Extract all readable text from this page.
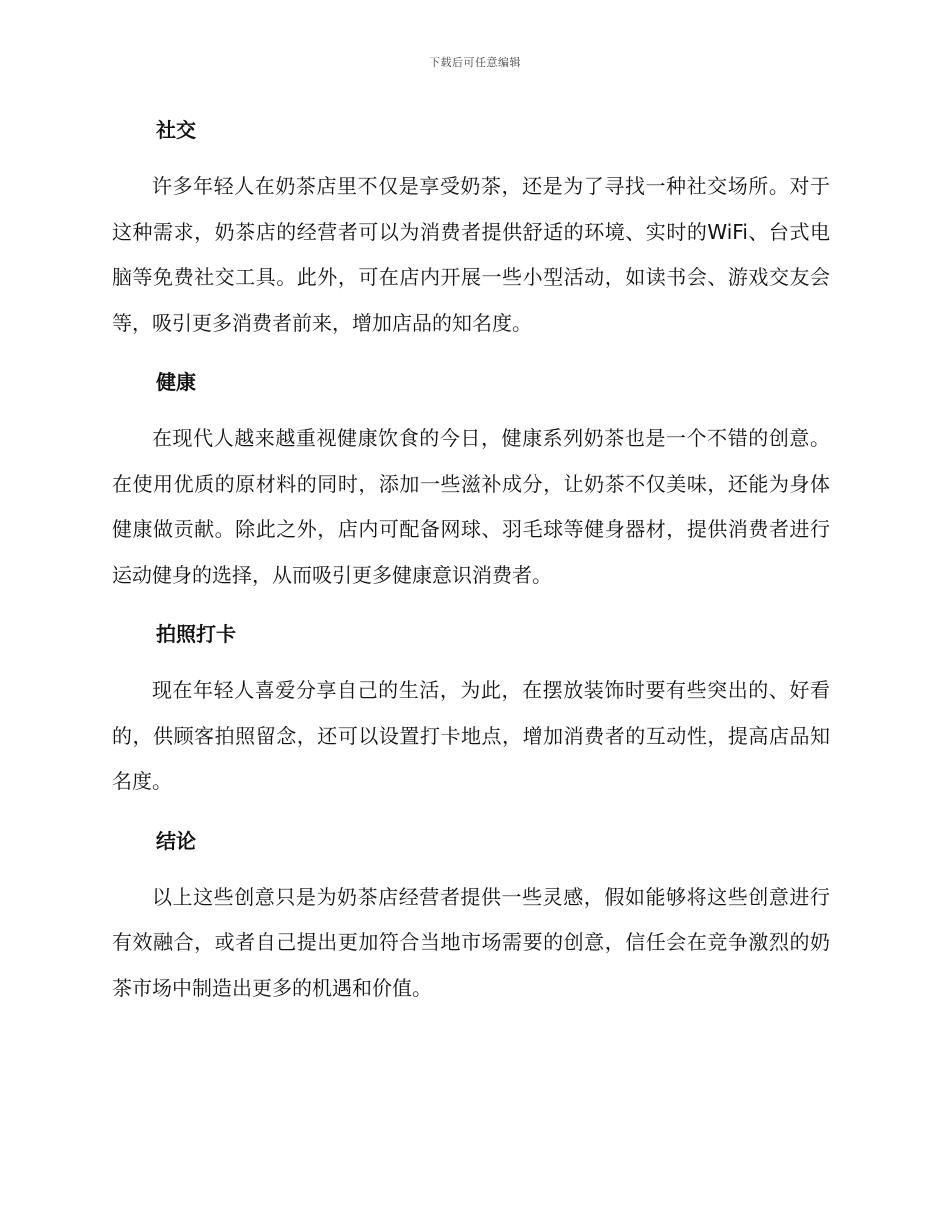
下载后可任意编辑
社交

许多年轻人在奶茶店里不仅是享受奶茶，还是为了寻找一种社交场所。对于这种需求，奶茶店的经营者可以为消费者提供舒适的环境、实时的WiFi、台式电脑等免费社交工具。此外，可在店内开展一些小型活动，如读书会、游戏交友会等，吸引更多消费者前来，增加店品的知名度。

健康

在现代人越来越重视健康饮食的今日，健康系列奶茶也是一个不错的创意。在使用优质的原材料的同时，添加一些滋补成分，让奶茶不仅美味，还能为身体健康做贡献。除此之外，店内可配备网球、羽毛球等健身器材，提供消费者进行运动健身的选择，从而吸引更多健康意识消费者。

拍照打卡

现在年轻人喜爱分享自己的生活，为此，在摆放装饰时要有些突出的、好看的，供顾客拍照留念，还可以设置打卡地点，增加消费者的互动性，提高店品知名度。

结论

以上这些创意只是为奶茶店经营者提供一些灵感，假如能够将这些创意进行有效融合，或者自己提出更加符合当地市场需要的创意，信任会在竞争激烈的奶茶市场中制造出更多的机遇和价值。
